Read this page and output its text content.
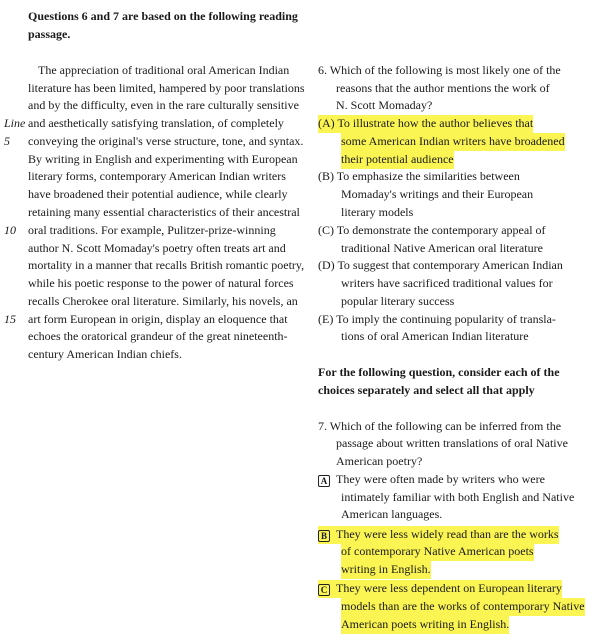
Questions 6 and 7 are based on the following reading
passage.
The appreciation of traditional oral American Indian
literature has been limited, hampered by poor translations
and by the difficulty, even in the rare culturally sensitive
and aesthetically satisfying translation, of completely
conveying the original's verse structure, tone, and syntax.
By writing in English and experimenting with European
literary forms, contemporary American Indian writers
have broadened their potential audience, while clearly
retaining many essential characteristics of their ancestral
oral traditions. For example, Pulitzer-prize-winning
author N. Scott Momaday's poetry often treats art and
mortality in a manner that recalls British romantic poetry,
while his poetic response to the power of natural forces
recalls Cherokee oral literature. Similarly, his novels, an
art form European in origin, display an eloquence that
echoes the oratorical grandeur of the great nineteenth-
century American Indian chiefs.
Line
5
10
15
6. Which of the following is most likely one of the
reasons that the author mentions the work of
N. Scott Momaday?
(A) To illustrate how the author believes that
some American Indian writers have broadened
their potential audience
(B) To emphasize the similarities between
Momaday's writings and their European
literary models
(C) To demonstrate the contemporary appeal of
traditional Native American oral literature
(D) To suggest that contemporary American Indian
writers have sacrificed traditional values for
popular literary success
(E) To imply the continuing popularity of transla-
tions of oral American Indian literature
For the following question, consider each of the
choices separately and select all that apply
7. Which of the following can be inferred from the
passage about written translations of oral Native
American poetry?
A They were often made by writers who were
intimately familiar with both English and Native
American languages.
B They were less widely read than are the works
of contemporary Native American poets
writing in English.
C They were less dependent on European literary
models than are the works of contemporary Native
American poets writing in English.
